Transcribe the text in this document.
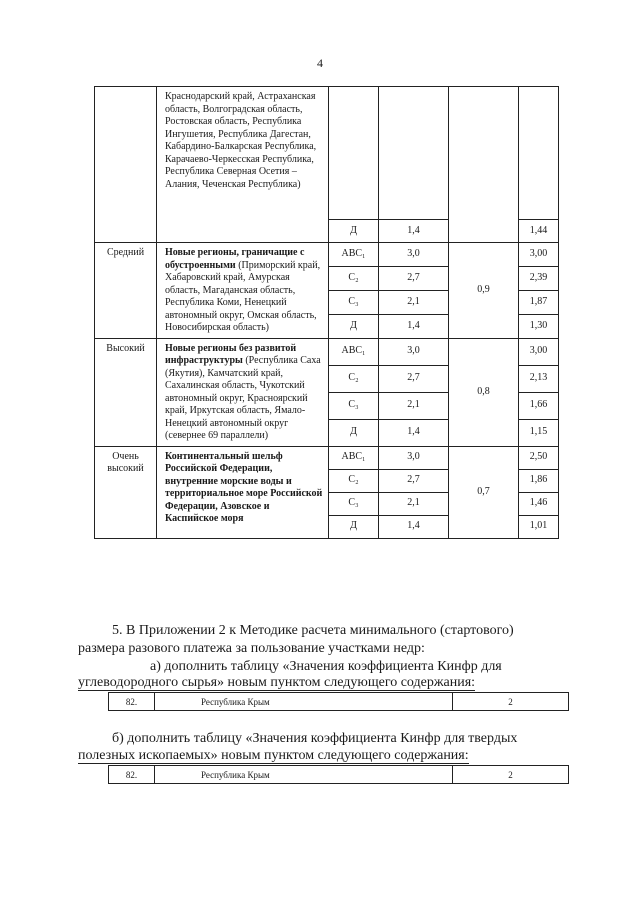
4
	Краснодарский край, Астраханская область, Волгоградская область, Ростовская область, Республика Ингушетия, Республика Дагестан, Кабардино-Балкарская Республика, Карачаево-Черкесская Республика, Республика Северная Осетия – Алания, Чеченская Республика)				
		Д	1,4		1,44
Средний	Новые регионы, граничащие с обустроенными (Приморский край, Хабаровский край, Амурская область, Магаданская область, Республика Коми, Ненецкий автономный округ, Омская область, Новосибирская область)	АВС₁	3,0	0,9	3,00
		С₂	2,7		2,39
		С₃	2,1		1,87
		Д	1,4		1,30
Высокий	Новые регионы без развитой инфраструктуры (Республика Саха (Якутия), Камчатский край, Сахалинская область, Чукотский автономный округ, Красноярский край, Иркутская область, Ямало-Ненецкий автономный округ (севернее 69 параллели)	АВС₁	3,0	0,8	3,00
		С₂	2,7		2,13
		С₃	2,1		1,66
		Д	1,4		1,15
Очень высокий	Континентальный шельф Российской Федерации, внутренние морские воды и территориальное море Российской Федерации, Азовское и Каспийское моря	АВС₁	3,0	0,7	2,50
		С₂	2,7		1,86
		С₃	2,1		1,46
		Д	1,4		1,01
5. В Приложении 2 к Методике расчета минимального (стартового)
размера разового платежа за пользование участками недр:
а) дополнить таблицу «Значения коэффициента Кинфр для
углеводородного сырья» новым пунктом следующего содержания:
82.	Республика Крым	2
б) дополнить таблицу «Значения коэффициента Кинфр для твердых
полезных ископаемых» новым пунктом следующего содержания:
82.	Республика Крым	2
